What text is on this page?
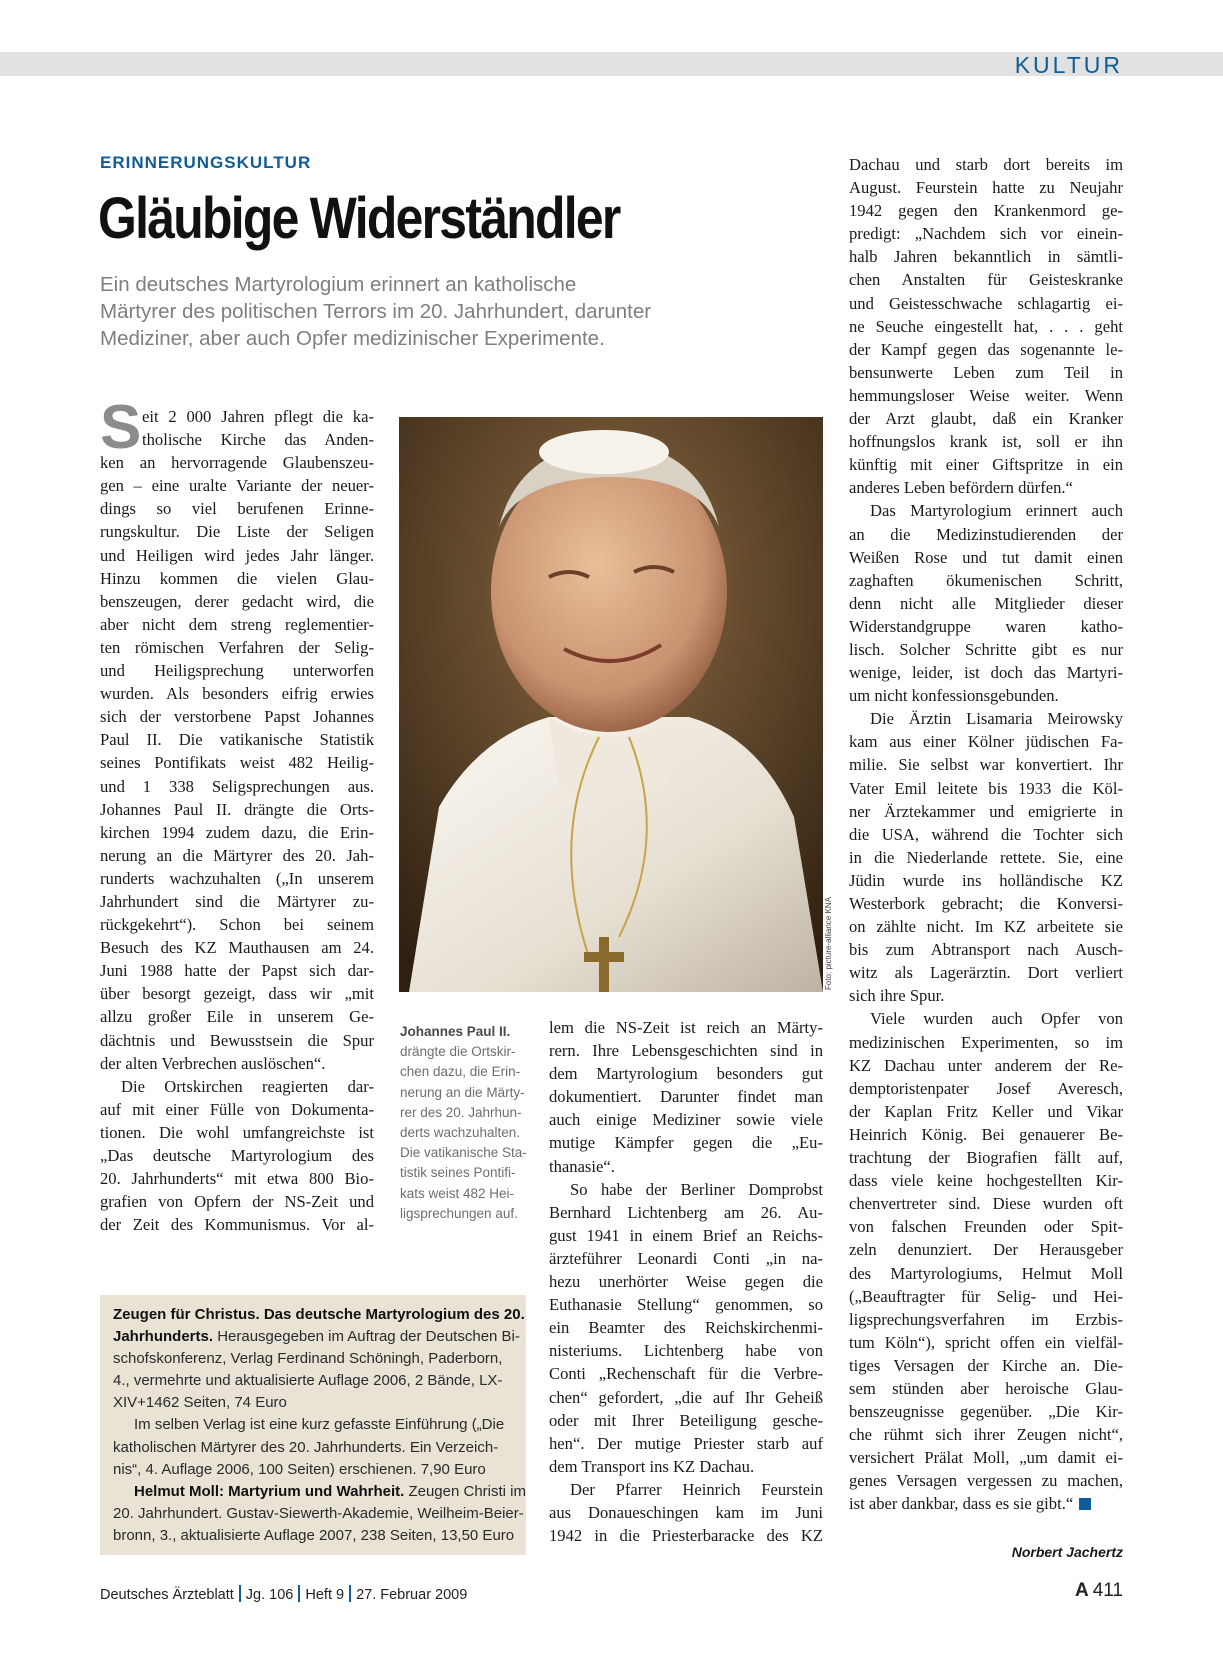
KULTUR
ERINNERUNGSKULTUR
Gläubige Widerständler
Ein deutsches Martyrologium erinnert an katholische
Märtyrer des politischen Terrors im 20. Jahrhundert, darunter
Mediziner, aber auch Opfer medizinischer Experimente.
S eit 2 000 Jahren pflegt die ka-
tholische Kirche das Anden-
ken an hervorragende Glaubenszeu-
gen – eine uralte Variante der neuer-
dings so viel berufenen Erinne-
rungskultur. Die Liste der Seligen
und Heiligen wird jedes Jahr länger.
Hinzu kommen die vielen Glau-
benszeugen, derer gedacht wird, die
aber nicht dem streng reglementier-
ten römischen Verfahren der Selig-
und Heiligsprechung unterworfen
wurden. Als besonders eifrig erwies
sich der verstorbene Papst Johannes
Paul II. Die vatikanische Statistik
seines Pontifikats weist 482 Heilig-
und 1 338 Seligsprechungen aus.
Johannes Paul II. drängte die Orts-
kirchen 1994 zudem dazu, die Erin-
nerung an die Märtyrer des 20. Jah-
runderts wachzuhalten („In unserem
Jahrhundert sind die Märtyrer zu-
rückgekehrt“). Schon bei seinem
Besuch des KZ Mauthausen am 24.
Juni 1988 hatte der Papst sich dar-
über besorgt gezeigt, dass wir „mit
allzu großer Eile in unserem Ge-
dächtnis und Bewusstsein die Spur
der alten Verbrechen auslöschen“.
Die Ortskirchen reagierten dar-
auf mit einer Fülle von Dokumenta-
tionen. Die wohl umfangreichste ist
„Das deutsche Martyrologium des
20. Jahrhunderts“ mit etwa 800 Bio-
grafien von Opfern der NS-Zeit und
der Zeit des Kommunismus. Vor al-
Foto: picture-alliance KNA
Johannes Paul II.
drängte die Ortskir-
chen dazu, die Erin-
nerung an die Märty-
rer des 20. Jahrhun-
derts wachzuhalten.
Die vatikanische Sta-
tistik seines Pontifi-
kats weist 482 Hei-
ligsprechungen auf.
lem die NS-Zeit ist reich an Märty-
rern. Ihre Lebensgeschichten sind in
dem Martyrologium besonders gut
dokumentiert. Darunter findet man
auch einige Mediziner sowie viele
mutige Kämpfer gegen die „Eu-
thanasie“.
So habe der Berliner Domprobst
Bernhard Lichtenberg am 26. Au-
gust 1941 in einem Brief an Reichs-
ärzteführer Leonardi Conti „in na-
hezu unerhörter Weise gegen die
Euthanasie Stellung“ genommen, so
ein Beamter des Reichskirchenmi-
nisteriums. Lichtenberg habe von
Conti „Rechenschaft für die Verbre-
chen“ gefordert, „die auf Ihr Geheiß
oder mit Ihrer Beteiligung gesche-
hen“. Der mutige Priester starb auf
dem Transport ins KZ Dachau.
Der Pfarrer Heinrich Feurstein
aus Donaueschingen kam im Juni
1942 in die Priesterbaracke des KZ
Dachau und starb dort bereits im
August. Feurstein hatte zu Neujahr
1942 gegen den Krankenmord ge-
predigt: „Nachdem sich vor einein-
halb Jahren bekanntlich in sämtli-
chen Anstalten für Geisteskranke
und Geistesschwache schlagartig ei-
ne Seuche eingestellt hat, . . . geht
der Kampf gegen das sogenannte le-
bensunwerte Leben zum Teil in
hemmungsloser Weise weiter. Wenn
der Arzt glaubt, daß ein Kranker
hoffnungslos krank ist, soll er ihn
künftig mit einer Giftspritze in ein
anderes Leben befördern dürfen.“
Das Martyrologium erinnert auch
an die Medizinstudierenden der
Weißen Rose und tut damit einen
zaghaften ökumenischen Schritt,
denn nicht alle Mitglieder dieser
Widerstandgruppe waren katho-
lisch. Solcher Schritte gibt es nur
wenige, leider, ist doch das Martyri-
um nicht konfessionsgebunden.
Die Ärztin Lisamaria Meirowsky
kam aus einer Kölner jüdischen Fa-
milie. Sie selbst war konvertiert. Ihr
Vater Emil leitete bis 1933 die Köl-
ner Ärztekammer und emigrierte in
die USA, während die Tochter sich
in die Niederlande rettete. Sie, eine
Jüdin wurde ins holländische KZ
Westerbork gebracht; die Konversi-
on zählte nicht. Im KZ arbeitete sie
bis zum Abtransport nach Ausch-
witz als Lagerärztin. Dort verliert
sich ihre Spur.
Viele wurden auch Opfer von
medizinischen Experimenten, so im
KZ Dachau unter anderem der Re-
demptoristenpater Josef Averesch,
der Kaplan Fritz Keller und Vikar
Heinrich König. Bei genauerer Be-
trachtung der Biografien fällt auf,
dass viele keine hochgestellten Kir-
chenvertreter sind. Diese wurden oft
von falschen Freunden oder Spit-
zeln denunziert. Der Herausgeber
des Martyrologiums, Helmut Moll
(„Beauftragter für Selig- und Hei-
ligsprechungsverfahren im Erzbis-
tum Köln“), spricht offen ein vielfäl-
tiges Versagen der Kirche an. Die-
sem stünden aber heroische Glau-
benszeugnisse gegenüber. „Die Kir-
che rühmt sich ihrer Zeugen nicht“,
versichert Prälat Moll, „um damit ei-
genes Versagen vergessen zu machen,
ist aber dankbar, dass es sie gibt.“
Zeugen für Christus. Das deutsche Martyrologium des 20.
Jahrhunderts. Herausgegeben im Auftrag der Deutschen Bi-
schofskonferenz, Verlag Ferdinand Schöningh, Paderborn,
4., vermehrte und aktualisierte Auflage 2006, 2 Bände, LX-
XIV+1462 Seiten, 74 Euro
Im selben Verlag ist eine kurz gefasste Einführung („Die
katholischen Märtyrer des 20. Jahrhunderts. Ein Verzeich-
nis“, 4. Auflage 2006, 100 Seiten) erschienen. 7,90 Euro
Helmut Moll: Martyrium und Wahrheit. Zeugen Christi im
20. Jahrhundert. Gustav-Siewerth-Akademie, Weilheim-Beier-
bronn, 3., aktualisierte Auflage 2007, 238 Seiten, 13,50 Euro
Norbert Jachertz
Deutsches Ärzteblatt Jg. 106 Heft 9 27. Februar 2009	A 411
